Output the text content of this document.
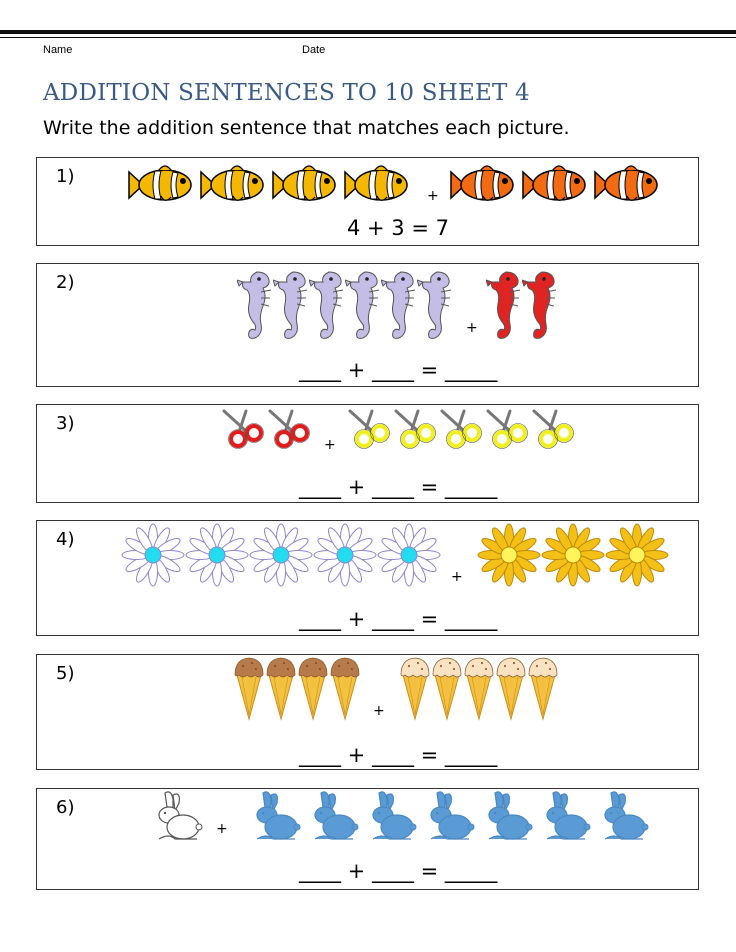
Name	Date
ADDITION SENTENCES TO 10 SHEET 4
Write the addition sentence that matches each picture.
1)
+
4 + 3 = 7
2)
+
____ + ____ = _____
3)
+
____ + ____ = _____
4)
+
____ + ____ = _____
5)
+
____ + ____ = _____
6)
+
____ + ____ = _____
